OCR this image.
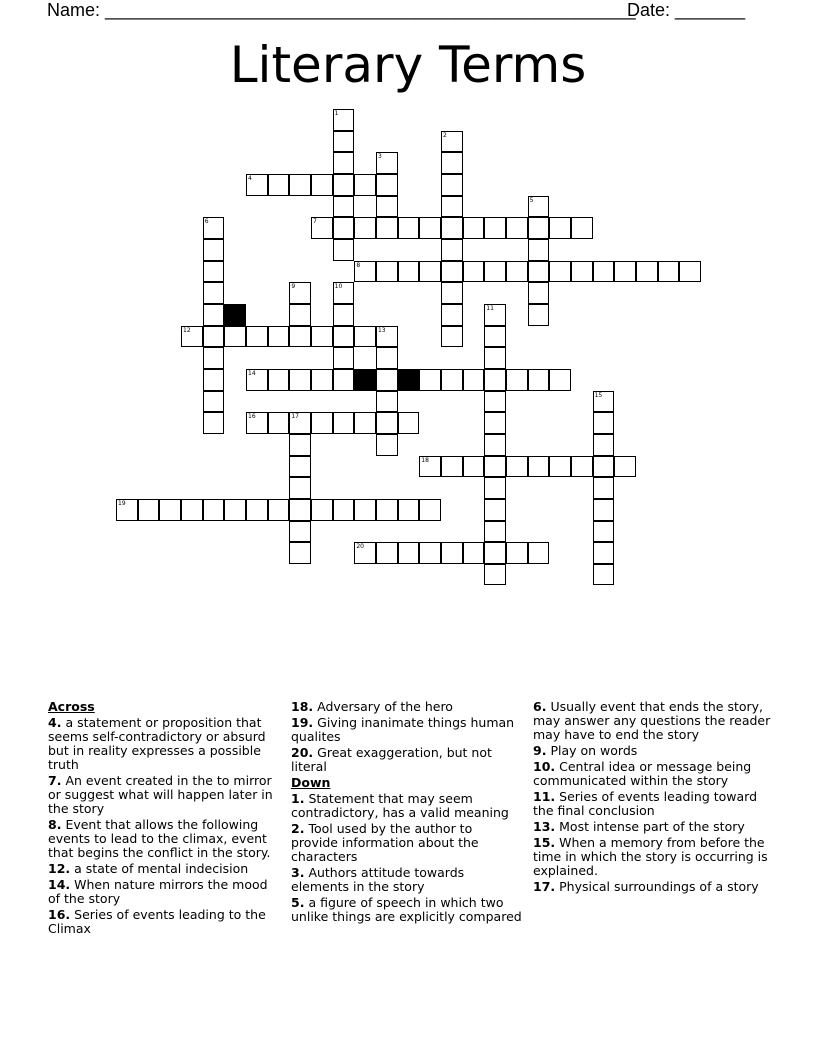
Name: _____________________________________________________
Date: _______
Literary Terms
1
2
3
4
5
6	7
8
9	10
11
12	13
14
15
16	17
18
19
20
Across
4. a statement or proposition that seems self-contradictory or absurd but in reality expresses a possible truth
7. An event created in the to mirror or suggest what will happen later in the story
8. Event that allows the following events to lead to the climax, event that begins the conflict in the story.
12. a state of mental indecision
14. When nature mirrors the mood of the story
16. Series of events leading to the Climax
18. Adversary of the hero
19. Giving inanimate things human qualites
20. Great exaggeration, but not literal
Down
1. Statement that may seem contradictory, has a valid meaning
2. Tool used by the author to provide information about the characters
3. Authors attitude towards elements in the story
5. a figure of speech in which two unlike things are explicitly compared
6. Usually event that ends the story, may answer any questions the reader may have to end the story
9. Play on words
10. Central idea or message being communicated within the story
11. Series of events leading toward the final conclusion
13. Most intense part of the story
15. When a memory from before the time in which the story is occurring is explained.
17. Physical surroundings of a story
